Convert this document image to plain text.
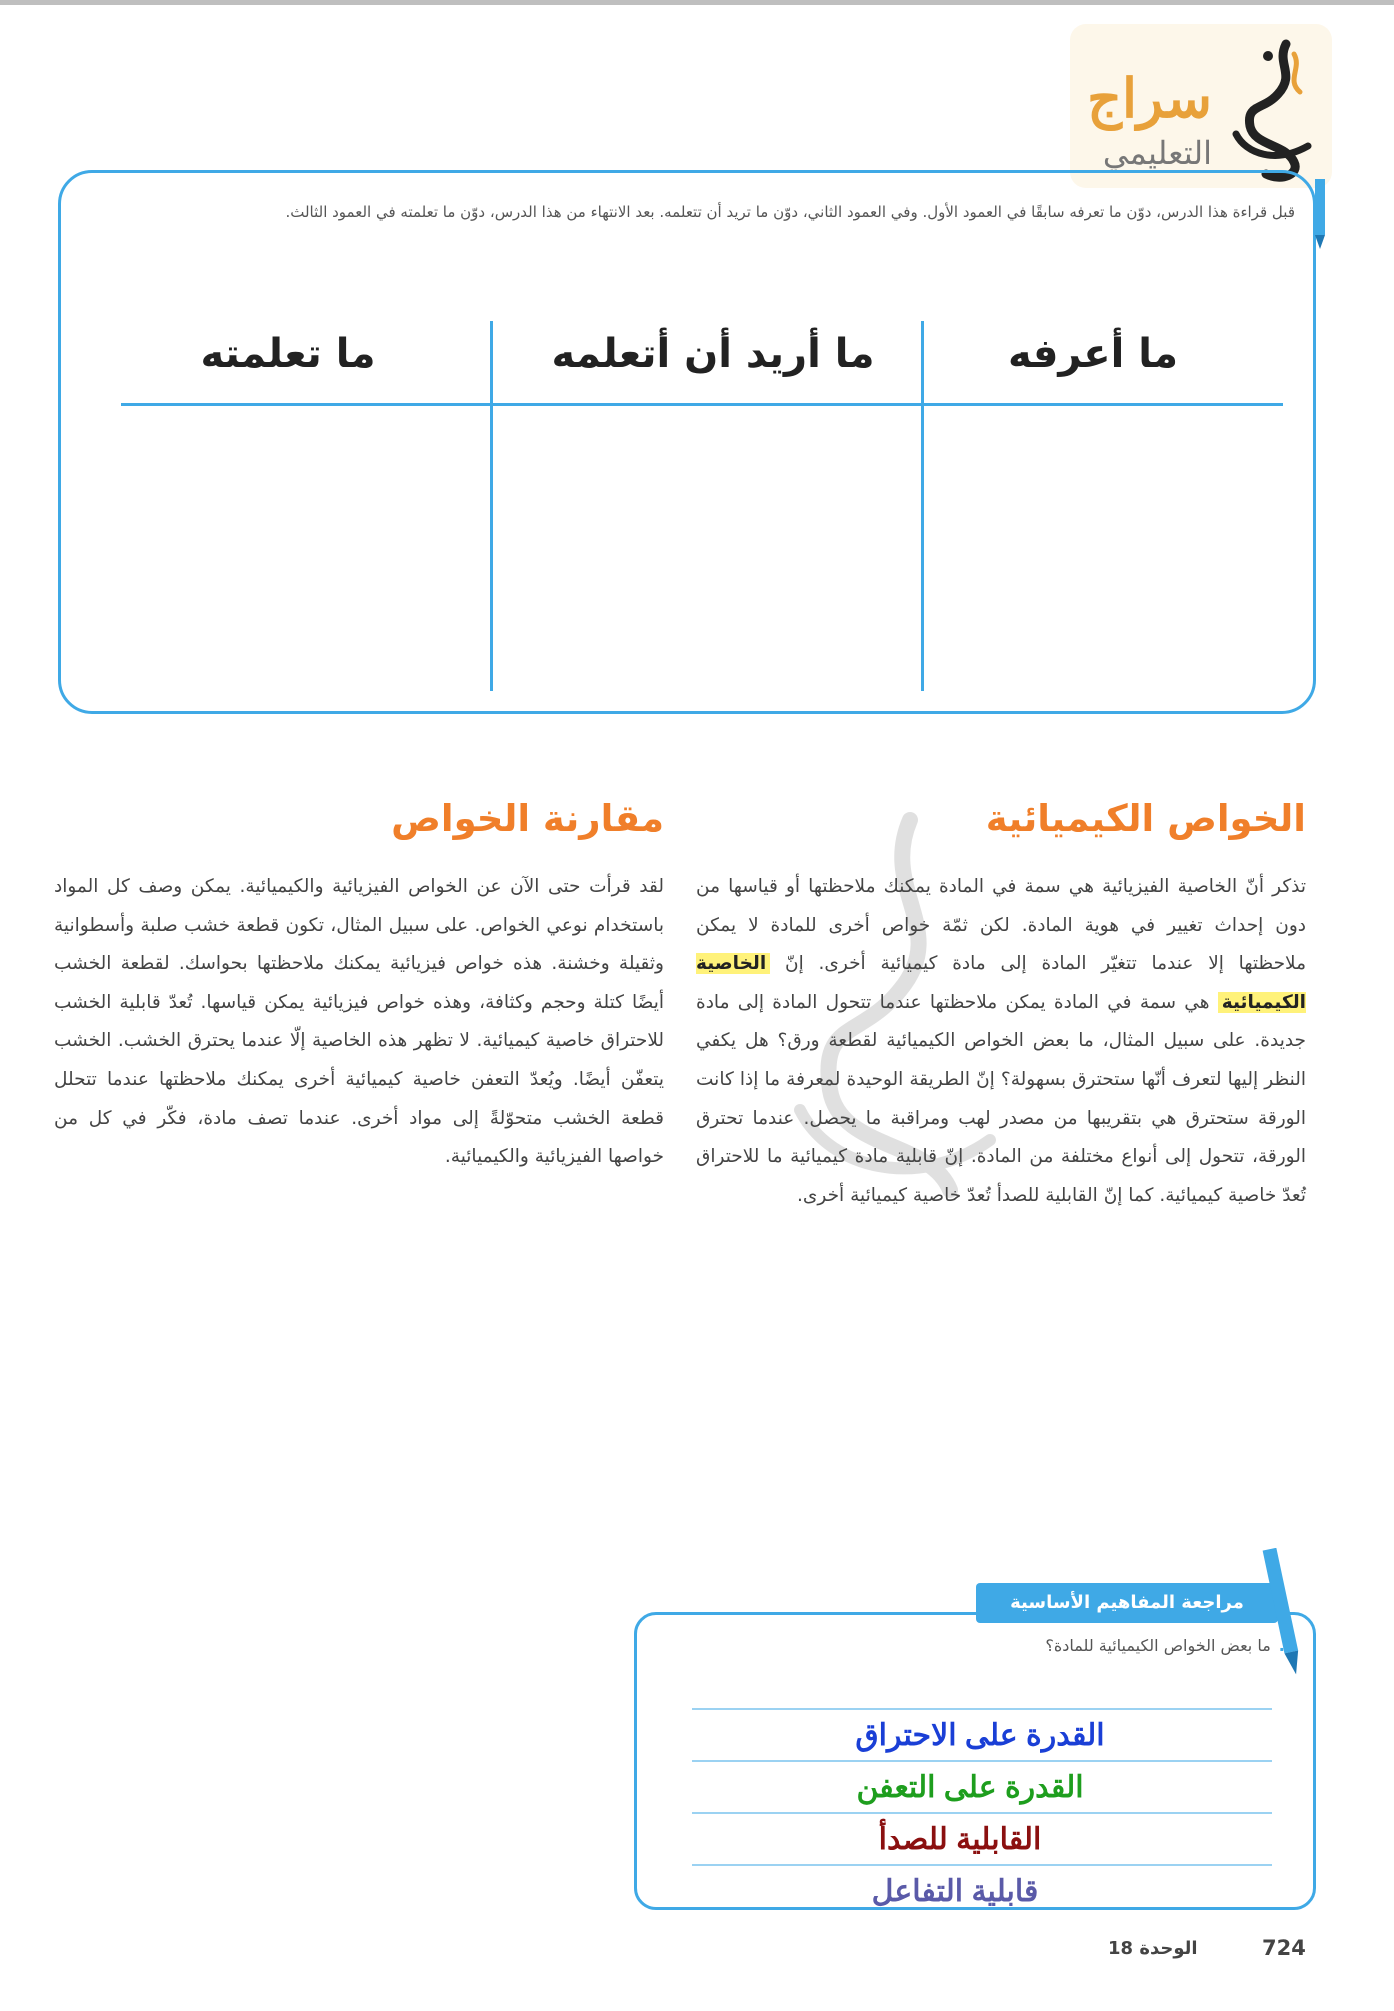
سراج
التعليمي
قبل قراءة هذا الدرس، دوّن ما تعرفه سابقًا في العمود الأول. وفي العمود الثاني، دوّن ما تريد أن تتعلمه. بعد الانتهاء من هذا الدرس، دوّن ما تعلمته في العمود الثالث.
ما أعرفه
ما أريد أن أتعلمه
ما تعلمته
الخواص الكيميائية
تذكر أنّ الخاصية الفيزيائية هي سمة في المادة يمكنك ملاحظتها أو قياسها من دون إحداث تغيير في هوية المادة. لكن ثمّة خواص أخرى للمادة لا يمكن ملاحظتها إلا عندما تتغيّر المادة إلى مادة كيميائية أخرى. إنّ الخاصية الكيميائية هي سمة في المادة يمكن ملاحظتها عندما تتحول المادة إلى مادة جديدة. على سبيل المثال، ما بعض الخواص الكيميائية لقطعة ورق؟ هل يكفي النظر إليها لتعرف أنّها ستحترق بسهولة؟ إنّ الطريقة الوحيدة لمعرفة ما إذا كانت الورقة ستحترق هي بتقريبها من مصدر لهب ومراقبة ما يحصل. عندما تحترق الورقة، تتحول إلى أنواع مختلفة من المادة. إنّ قابلية مادة كيميائية ما للاحتراق تُعدّ خاصية كيميائية. كما إنّ القابلية للصدأ تُعدّ خاصية كيميائية أخرى.
مقارنة الخواص
لقد قرأت حتى الآن عن الخواص الفيزيائية والكيميائية. يمكن وصف كل المواد باستخدام نوعي الخواص. على سبيل المثال، تكون قطعة خشب صلبة وأسطوانية وثقيلة وخشنة. هذه خواص فيزيائية يمكنك ملاحظتها بحواسك. لقطعة الخشب أيضًا كتلة وحجم وكثافة، وهذه خواص فيزيائية يمكن قياسها. تُعدّ قابلية الخشب للاحتراق خاصية كيميائية. لا تظهر هذه الخاصية إلّا عندما يحترق الخشب. الخشب يتعفّن أيضًا. ويُعدّ التعفن خاصية كيميائية أخرى يمكنك ملاحظتها عندما تتحلل قطعة الخشب متحوّلةً إلى مواد أخرى. عندما تصف مادة، فكّر في كل من خواصها الفيزيائية والكيميائية.
مراجعة المفاهيم الأساسية
1.ما بعض الخواص الكيميائية للمادة؟
القدرة على الاحتراق
القدرة على التعفن
القابلية للصدأ
قابلية التفاعل
الوحدة 18	724
